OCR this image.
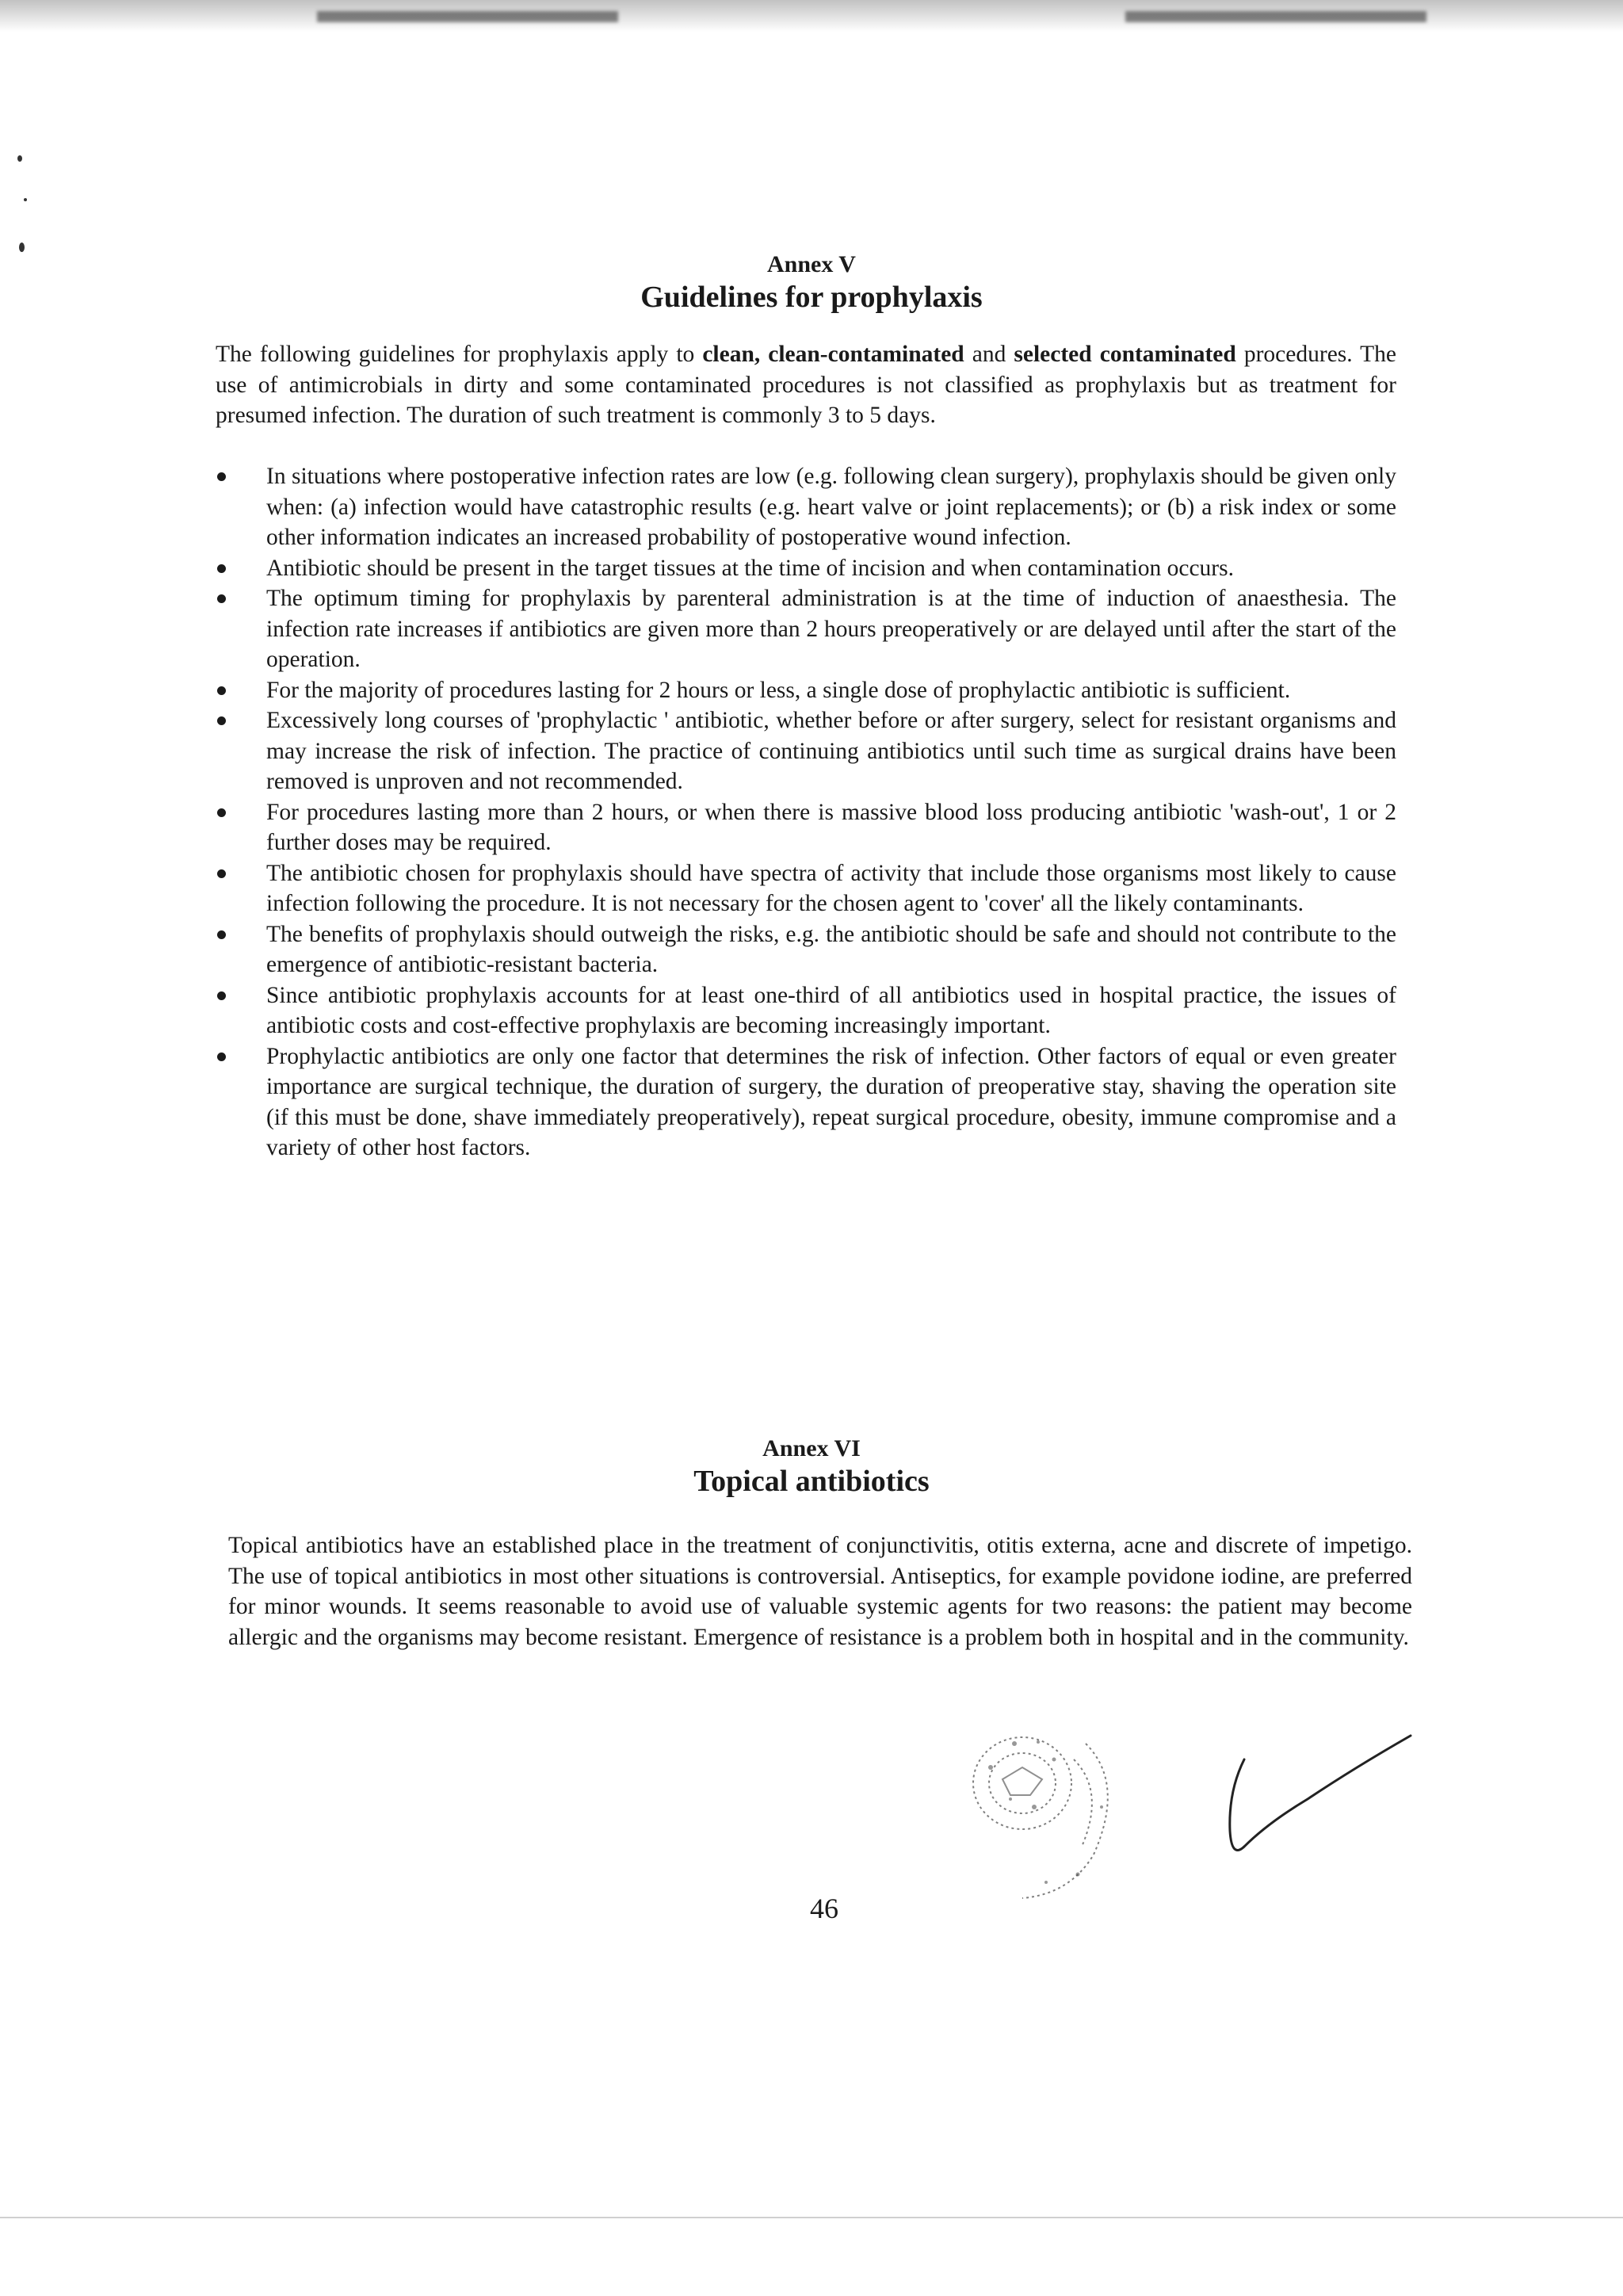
Annex V
Guidelines for prophylaxis
The following guidelines for prophylaxis apply to clean, clean-contaminated and selected contaminated procedures. The use of antimicrobials in dirty and some contaminated procedures is not classified as prophylaxis but as treatment for presumed infection. The duration of such treatment is commonly 3 to 5 days.
In situations where postoperative infection rates are low (e.g. following clean surgery), prophylaxis should be given only when: (a) infection would have catastrophic results (e.g. heart valve or joint replacements); or (b) a risk index or some other information indicates an increased probability of postoperative wound infection.
Antibiotic should be present in the target tissues at the time of incision and when contamination occurs.
The optimum timing for prophylaxis by parenteral administration is at the time of induction of anaesthesia. The infection rate increases if antibiotics are given more than 2 hours preoperatively or are delayed until after the start of the operation.
For the majority of procedures lasting for 2 hours or less, a single dose of prophylactic antibiotic is sufficient.
Excessively long courses of 'prophylactic ' antibiotic, whether before or after surgery, select for resistant organisms and may increase the risk of infection. The practice of continuing antibiotics until such time as surgical drains have been removed is unproven and not recommended.
For procedures lasting more than 2 hours, or when there is massive blood loss producing antibiotic 'wash-out', 1 or 2 further doses may be required.
The antibiotic chosen for prophylaxis should have spectra of activity that include those organisms most likely to cause infection following the procedure. It is not necessary for the chosen agent to 'cover' all the likely contaminants.
The benefits of prophylaxis should outweigh the risks, e.g. the antibiotic should be safe and should not contribute to the emergence of antibiotic-resistant bacteria.
Since antibiotic prophylaxis accounts for at least one-third of all antibiotics used in hospital practice, the issues of antibiotic costs and cost-effective prophylaxis are becoming increasingly important.
Prophylactic antibiotics are only one factor that determines the risk of infection. Other factors of equal or even greater importance are surgical technique, the duration of surgery, the duration of preoperative stay, shaving the operation site (if this must be done, shave immediately preoperatively), repeat surgical procedure, obesity, immune compromise and a variety of other host factors.
Annex VI
Topical antibiotics
Topical antibiotics have an established place in the treatment of conjunctivitis, otitis externa, acne and discrete of impetigo. The use of topical antibiotics in most other situations is controversial. Antiseptics, for example povidone iodine, are preferred for minor wounds. It seems reasonable to avoid use of valuable systemic agents for two reasons: the patient may become allergic and the organisms may become resistant. Emergence of resistance is a problem both in hospital and in the community.
46
